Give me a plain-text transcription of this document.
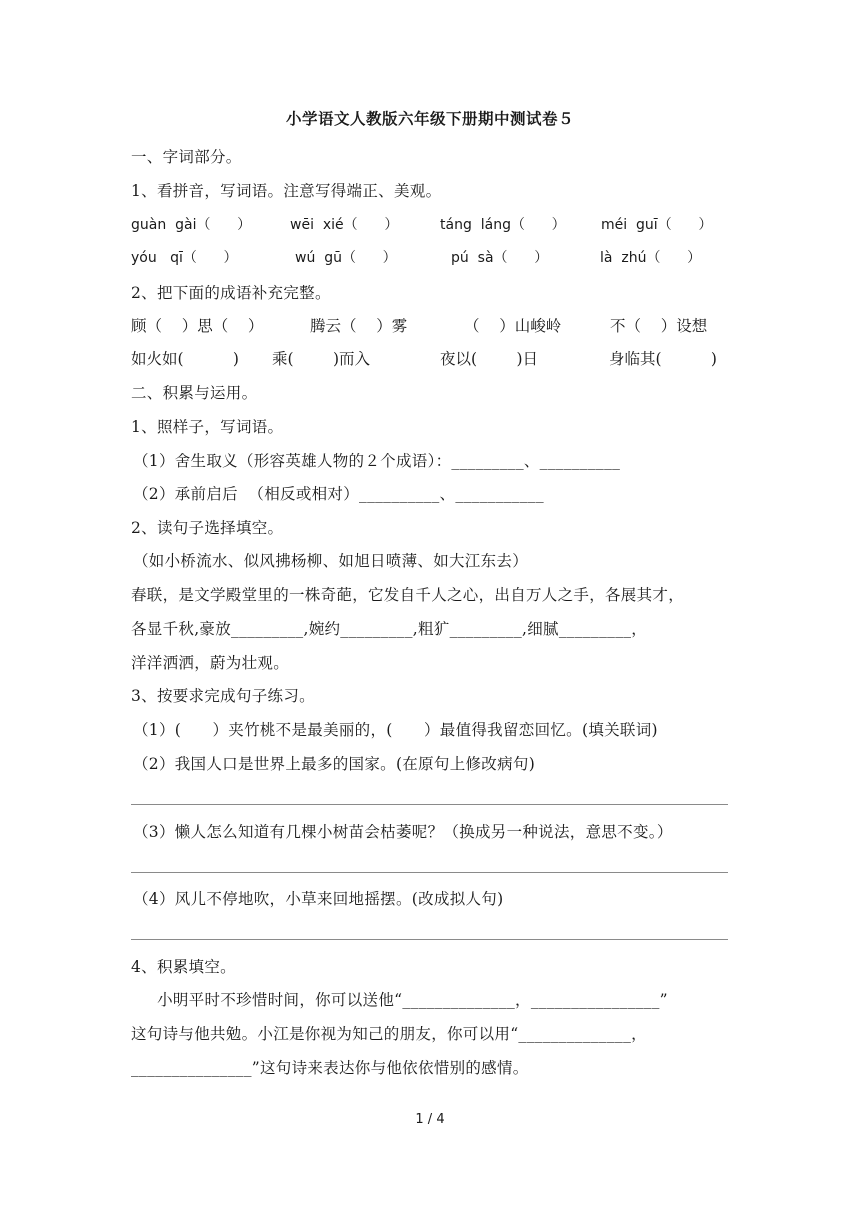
小学语文人教版六年级下册期中测试卷５
一、字词部分。
1、看拼音，写词语。注意写得端正、美观。
guàn  gài（      ）	wēi  xié（      ）	táng  láng（      ）	méi  guī（      ）
yóu   qī（      ）	wú  gū（      ）	pú  sà（      ）	là  zhú（      ）
2、把下面的成语补充完整。
顾（    ）思（    ）	腾云（    ）雾	（    ）山峻岭	不（    ）设想
如火如(          ) 乘(        )而入	夜以(        )日	身临其(          )
二、积累与运用。
1、照样子，写词语。
（1）舍生取义（形容英雄人物的２个成语）：_________、__________
（2）承前启后  （相反或相对）__________、___________
2、读句子选择填空。
（如小桥流水、似风拂杨柳、如旭日喷薄、如大江东去）
春联，是文学殿堂里的一株奇葩，它发自千人之心，出自万人之手，各展其才，
各显千秋,豪放_________,婉约_________,粗犷_________,细腻_________，
洋洋洒洒，蔚为壮观。
3、按要求完成句子练习。
（1）(      ）夹竹桃不是最美丽的，(      ）最值得我留恋回忆。(填关联词)
（2）我国人口是世界上最多的国家。(在原句上修改病句)
（3）懒人怎么知道有几棵小树苗会枯萎呢？（换成另一种说法，意思不变。）
（4）风儿不停地吹，小草来回地摇摆。(改成拟人句)
4、积累填空。
小明平时不珍惜时间，你可以送他“______________，________________”
这句诗与他共勉。小江是你视为知己的朋友，你可以用“______________，
_______________”这句诗来表达你与他依依惜别的感情。
1 / 4
